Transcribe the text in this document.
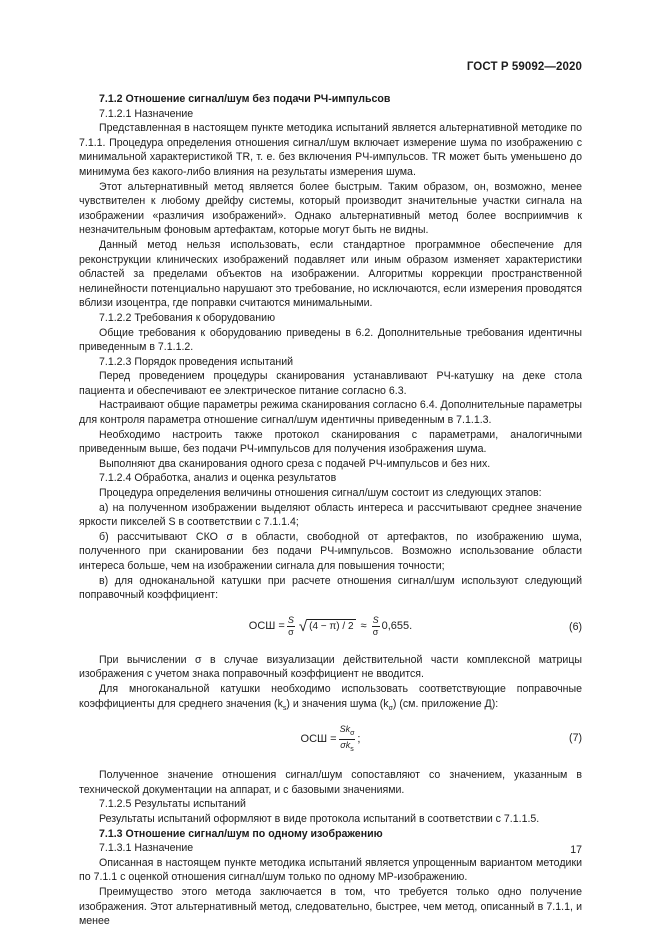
ГОСТ Р 59092—2020

7.1.2 Отношение сигнал/шум без подачи РЧ-импульсов

7.1.2.1 Назначение

Представленная в настоящем пункте методика испытаний является альтернативной методике по 7.1.1. Процедура определения отношения сигнал/шум включает измерение шума по изображению с минимальной характеристикой TR, т. е. без включения РЧ-импульсов. TR может быть уменьшено до минимума без какого-либо влияния на результаты измерения шума.

Этот альтернативный метод является более быстрым. Таким образом, он, возможно, менее чувствителен к любому дрейфу системы, который производит значительные участки сигнала на изображении «различия изображений». Однако альтернативный метод более восприимчив к незначительным фоновым артефактам, которые могут быть не видны.

Данный метод нельзя использовать, если стандартное программное обеспечение для реконструкции клинических изображений подавляет или иным образом изменяет характеристики областей за пределами объектов на изображении. Алгоритмы коррекции пространственной нелинейности потенциально нарушают это требование, но исключаются, если измерения проводятся вблизи изоцентра, где поправки считаются минимальными.

7.1.2.2 Требования к оборудованию

Общие требования к оборудованию приведены в 6.2. Дополнительные требования идентичны приведенным в 7.1.1.2.

7.1.2.3 Порядок проведения испытаний

Перед проведением процедуры сканирования устанавливают РЧ-катушку на деке стола пациента и обеспечивают ее электрическое питание согласно 6.3.

Настраивают общие параметры режима сканирования согласно 6.4. Дополнительные параметры для контроля параметра отношение сигнал/шум идентичны приведенным в 7.1.1.3.

Необходимо настроить также протокол сканирования с параметрами, аналогичными приведенным выше, без подачи РЧ-импульсов для получения изображения шума.

Выполняют два сканирования одного среза с подачей РЧ-импульсов и без них.

7.1.2.4 Обработка, анализ и оценка результатов

Процедура определения величины отношения сигнал/шум состоит из следующих этапов:

а) на полученном изображении выделяют область интереса и рассчитывают среднее значение яркости пикселей S в соответствии с 7.1.1.4;

б) рассчитывают СКО σ в области, свободной от артефактов, по изображению шума, полученного при сканировании без подачи РЧ-импульсов. Возможно использование области интереса больше, чем на изображении сигнала для повышения точности;

в) для одноканальной катушки при расчете отношения сигнал/шум используют следующий поправочный коэффициент:

ОСШ = $\frac{S}{\sigma}$ √ $(4 - \pi) / 2 \approx \frac{S}{\sigma} 0,655$.	(6)

При вычислении σ в случае визуализации действительной части комплексной матрицы изображения с учетом знака поправочный коэффициент не вводится.

Для многоканальной катушки необходимо использовать соответствующие поправочные коэффициенты для среднего значения $(k_s)$ и значения шума $(k_\sigma)$ (см. приложение Д):

ОСШ = $\frac{Sk_\sigma}{\sigma k_s}$ ;	(7)

Полученное значение отношения сигнал/шум сопоставляют со значением, указанным в технической документации на аппарат, и с базовыми значениями.

7.1.2.5 Результаты испытаний

Результаты испытаний оформляют в виде протокола испытаний в соответствии с 7.1.1.5.

7.1.3 Отношение сигнал/шум по одному изображению

7.1.3.1 Назначение

Описанная в настоящем пункте методика испытаний является упрощенным вариантом методики по 7.1.1 с оценкой отношения сигнал/шум только по одному МР-изображению.

Преимущество этого метода заключается в том, что требуется только одно получение изображения. Этот альтернативный метод, следовательно, быстрее, чем метод, описанный в 7.1.1, и менее

17
